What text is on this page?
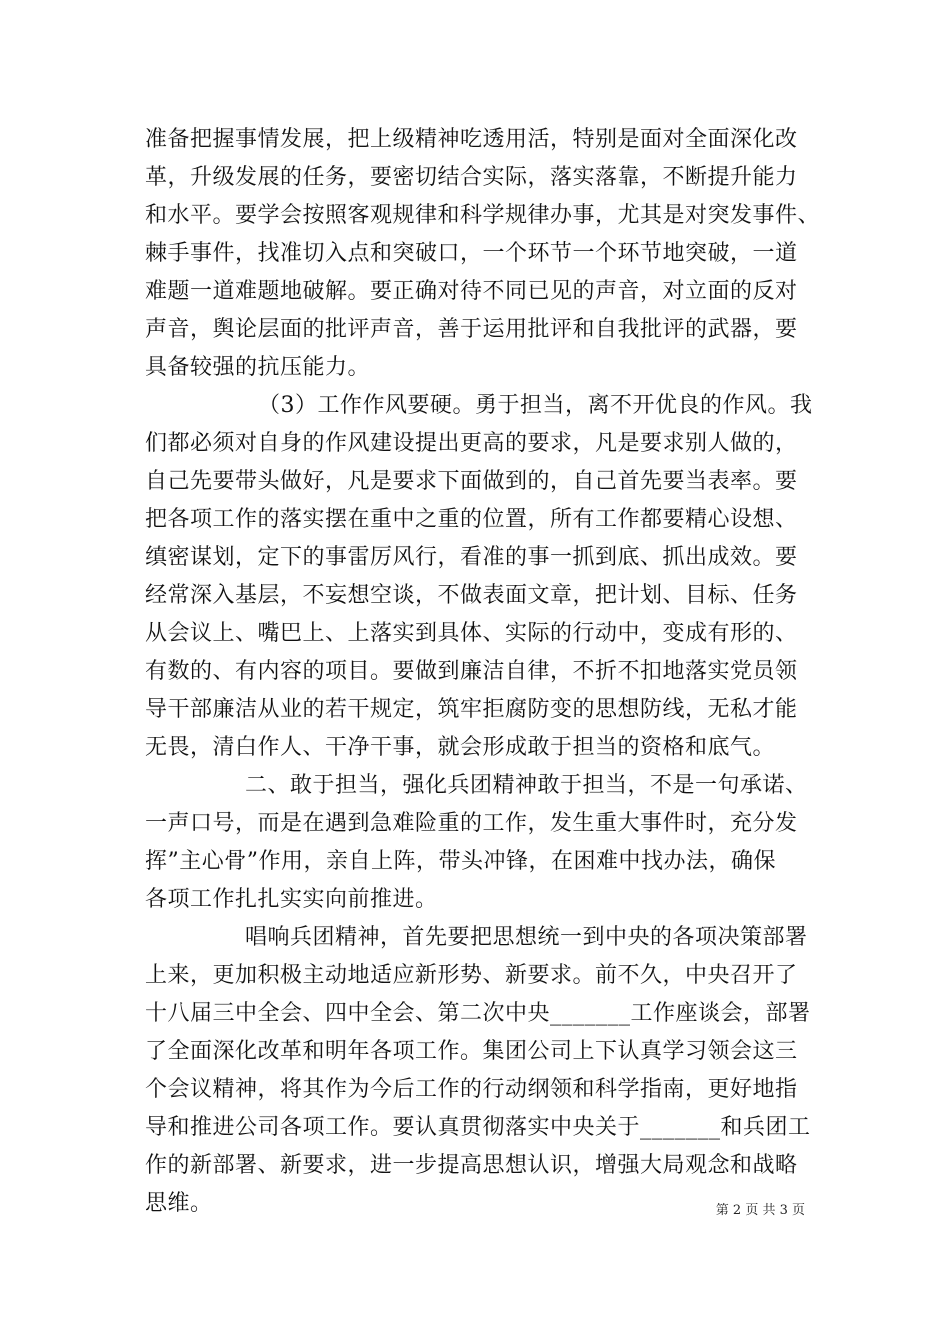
准备把握事情发展，把上级精神吃透用活，特别是面对全面深化改
革，升级发展的任务，要密切结合实际，落实落靠，不断提升能力
和水平。要学会按照客观规律和科学规律办事，尤其是对突发事件、
棘手事件，找准切入点和突破口，一个环节一个环节地突破，一道
难题一道难题地破解。要正确对待不同已见的声音，对立面的反对
声音，舆论层面的批评声音，善于运用批评和自我批评的武器，要
具备较强的抗压能力。
（3）工作作风要硬。勇于担当，离不开优良的作风。我
们都必须对自身的作风建设提出更高的要求，凡是要求别人做的，
自己先要带头做好，凡是要求下面做到的，自己首先要当表率。要
把各项工作的落实摆在重中之重的位置，所有工作都要精心设想、
缜密谋划，定下的事雷厉风行，看准的事一抓到底、抓出成效。要
经常深入基层，不妄想空谈，不做表面文章，把计划、目标、任务
从会议上、嘴巴上、上落实到具体、实际的行动中，变成有形的、
有数的、有内容的项目。要做到廉洁自律，不折不扣地落实党员领
导干部廉洁从业的若干规定，筑牢拒腐防变的思想防线，无私才能
无畏，清白作人、干净干事，就会形成敢于担当的资格和底气。
二、敢于担当，强化兵团精神敢于担当，不是一句承诺、
一声口号，而是在遇到急难险重的工作，发生重大事件时，充分发
挥”主心骨”作用，亲自上阵，带头冲锋，在困难中找办法，确保
各项工作扎扎实实向前推进。
唱响兵团精神，首先要把思想统一到中央的各项决策部署
上来，更加积极主动地适应新形势、新要求。前不久，中央召开了
十八届三中全会、四中全会、第二次中央_______工作座谈会，部署
了全面深化改革和明年各项工作。集团公司上下认真学习领会这三
个会议精神，将其作为今后工作的行动纲领和科学指南，更好地指
导和推进公司各项工作。要认真贯彻落实中央关于_______和兵团工
作的新部署、新要求，进一步提高思想认识，增强大局观念和战略
思维。	第 2 页 共 3 页
